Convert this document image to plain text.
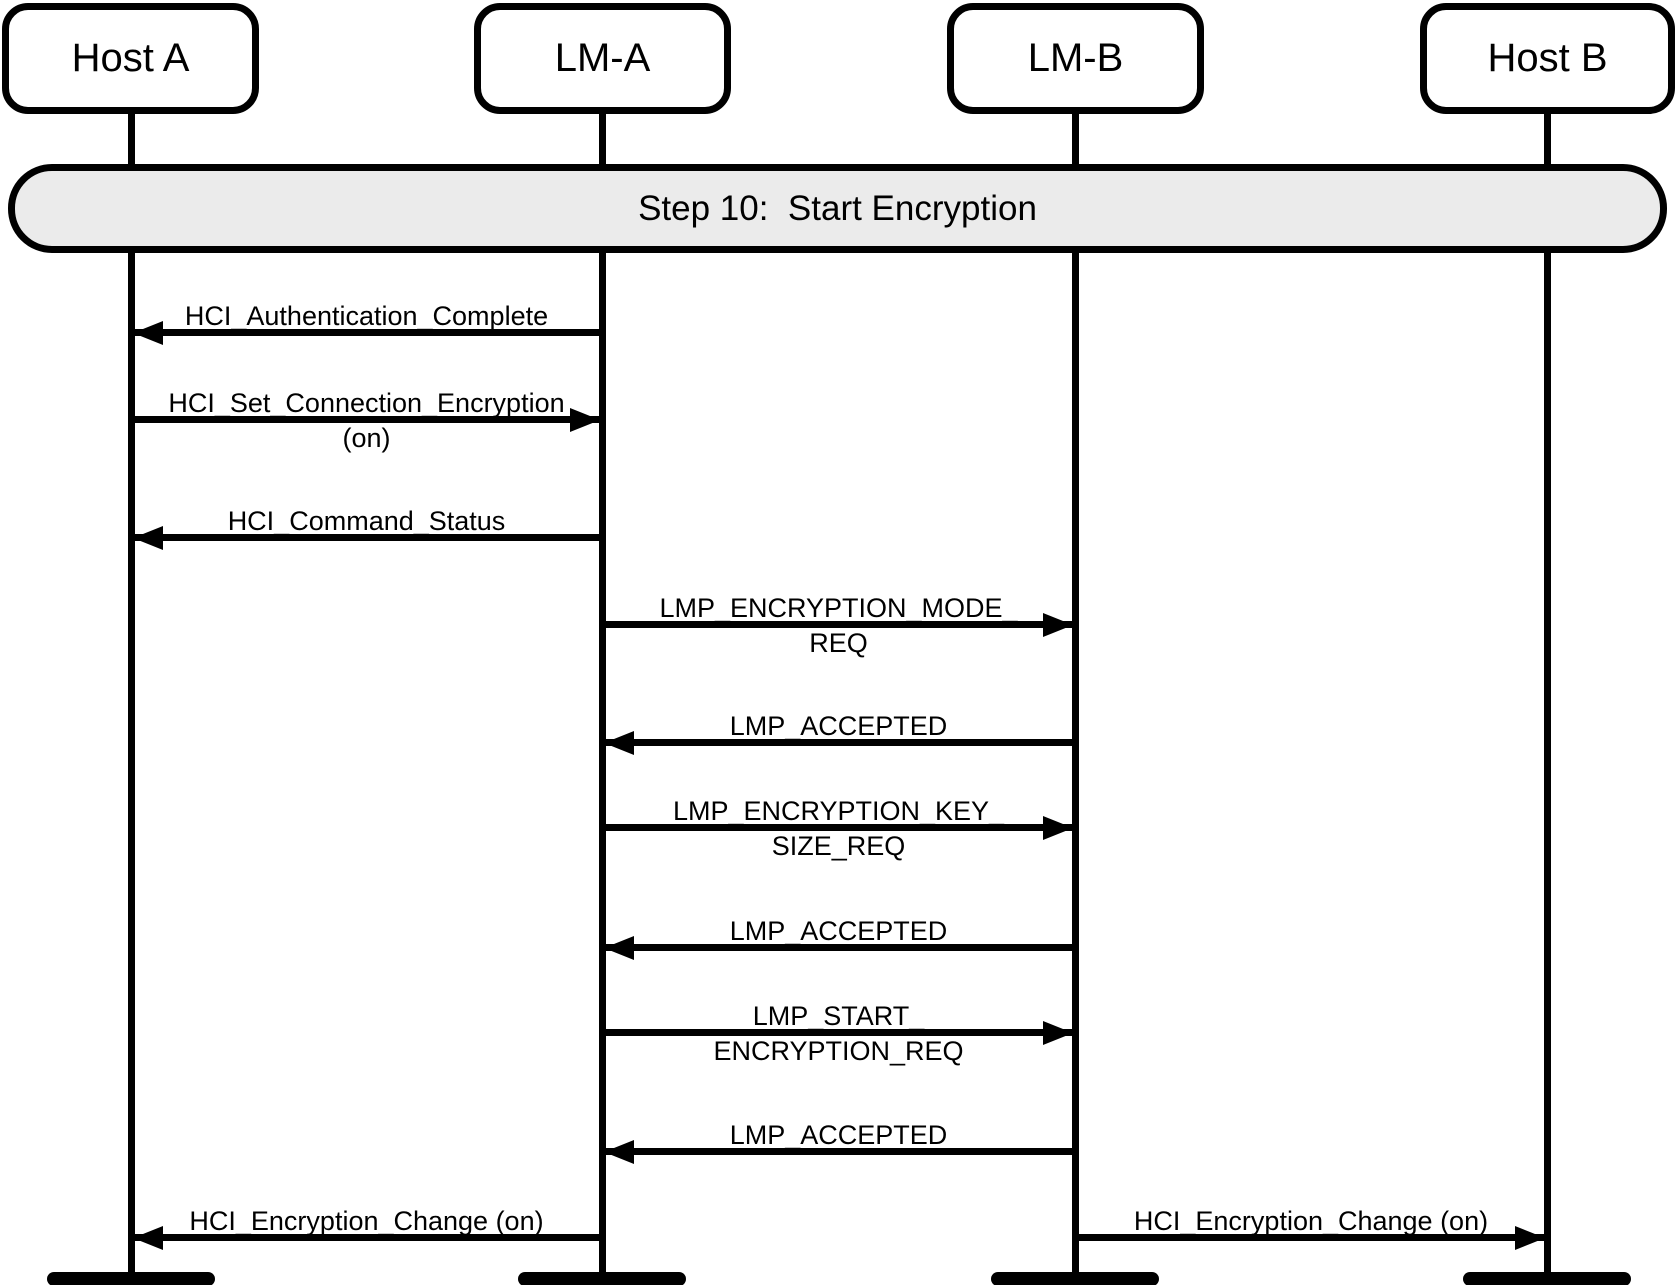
Host A	LM-A	LM-B	Host B
Step 10:  Start Encryption
HCI_Authentication_Complete
HCI_Set_Connection_Encryption
(on)
HCI_Command_Status
LMP_ENCRYPTION_MODE_
REQ
LMP_ACCEPTED
LMP_ENCRYPTION_KEY_
SIZE_REQ
LMP_ACCEPTED
LMP_START_
ENCRYPTION_REQ
LMP_ACCEPTED
HCI_Encryption_Change (on)	HCI_Encryption_Change (on)
